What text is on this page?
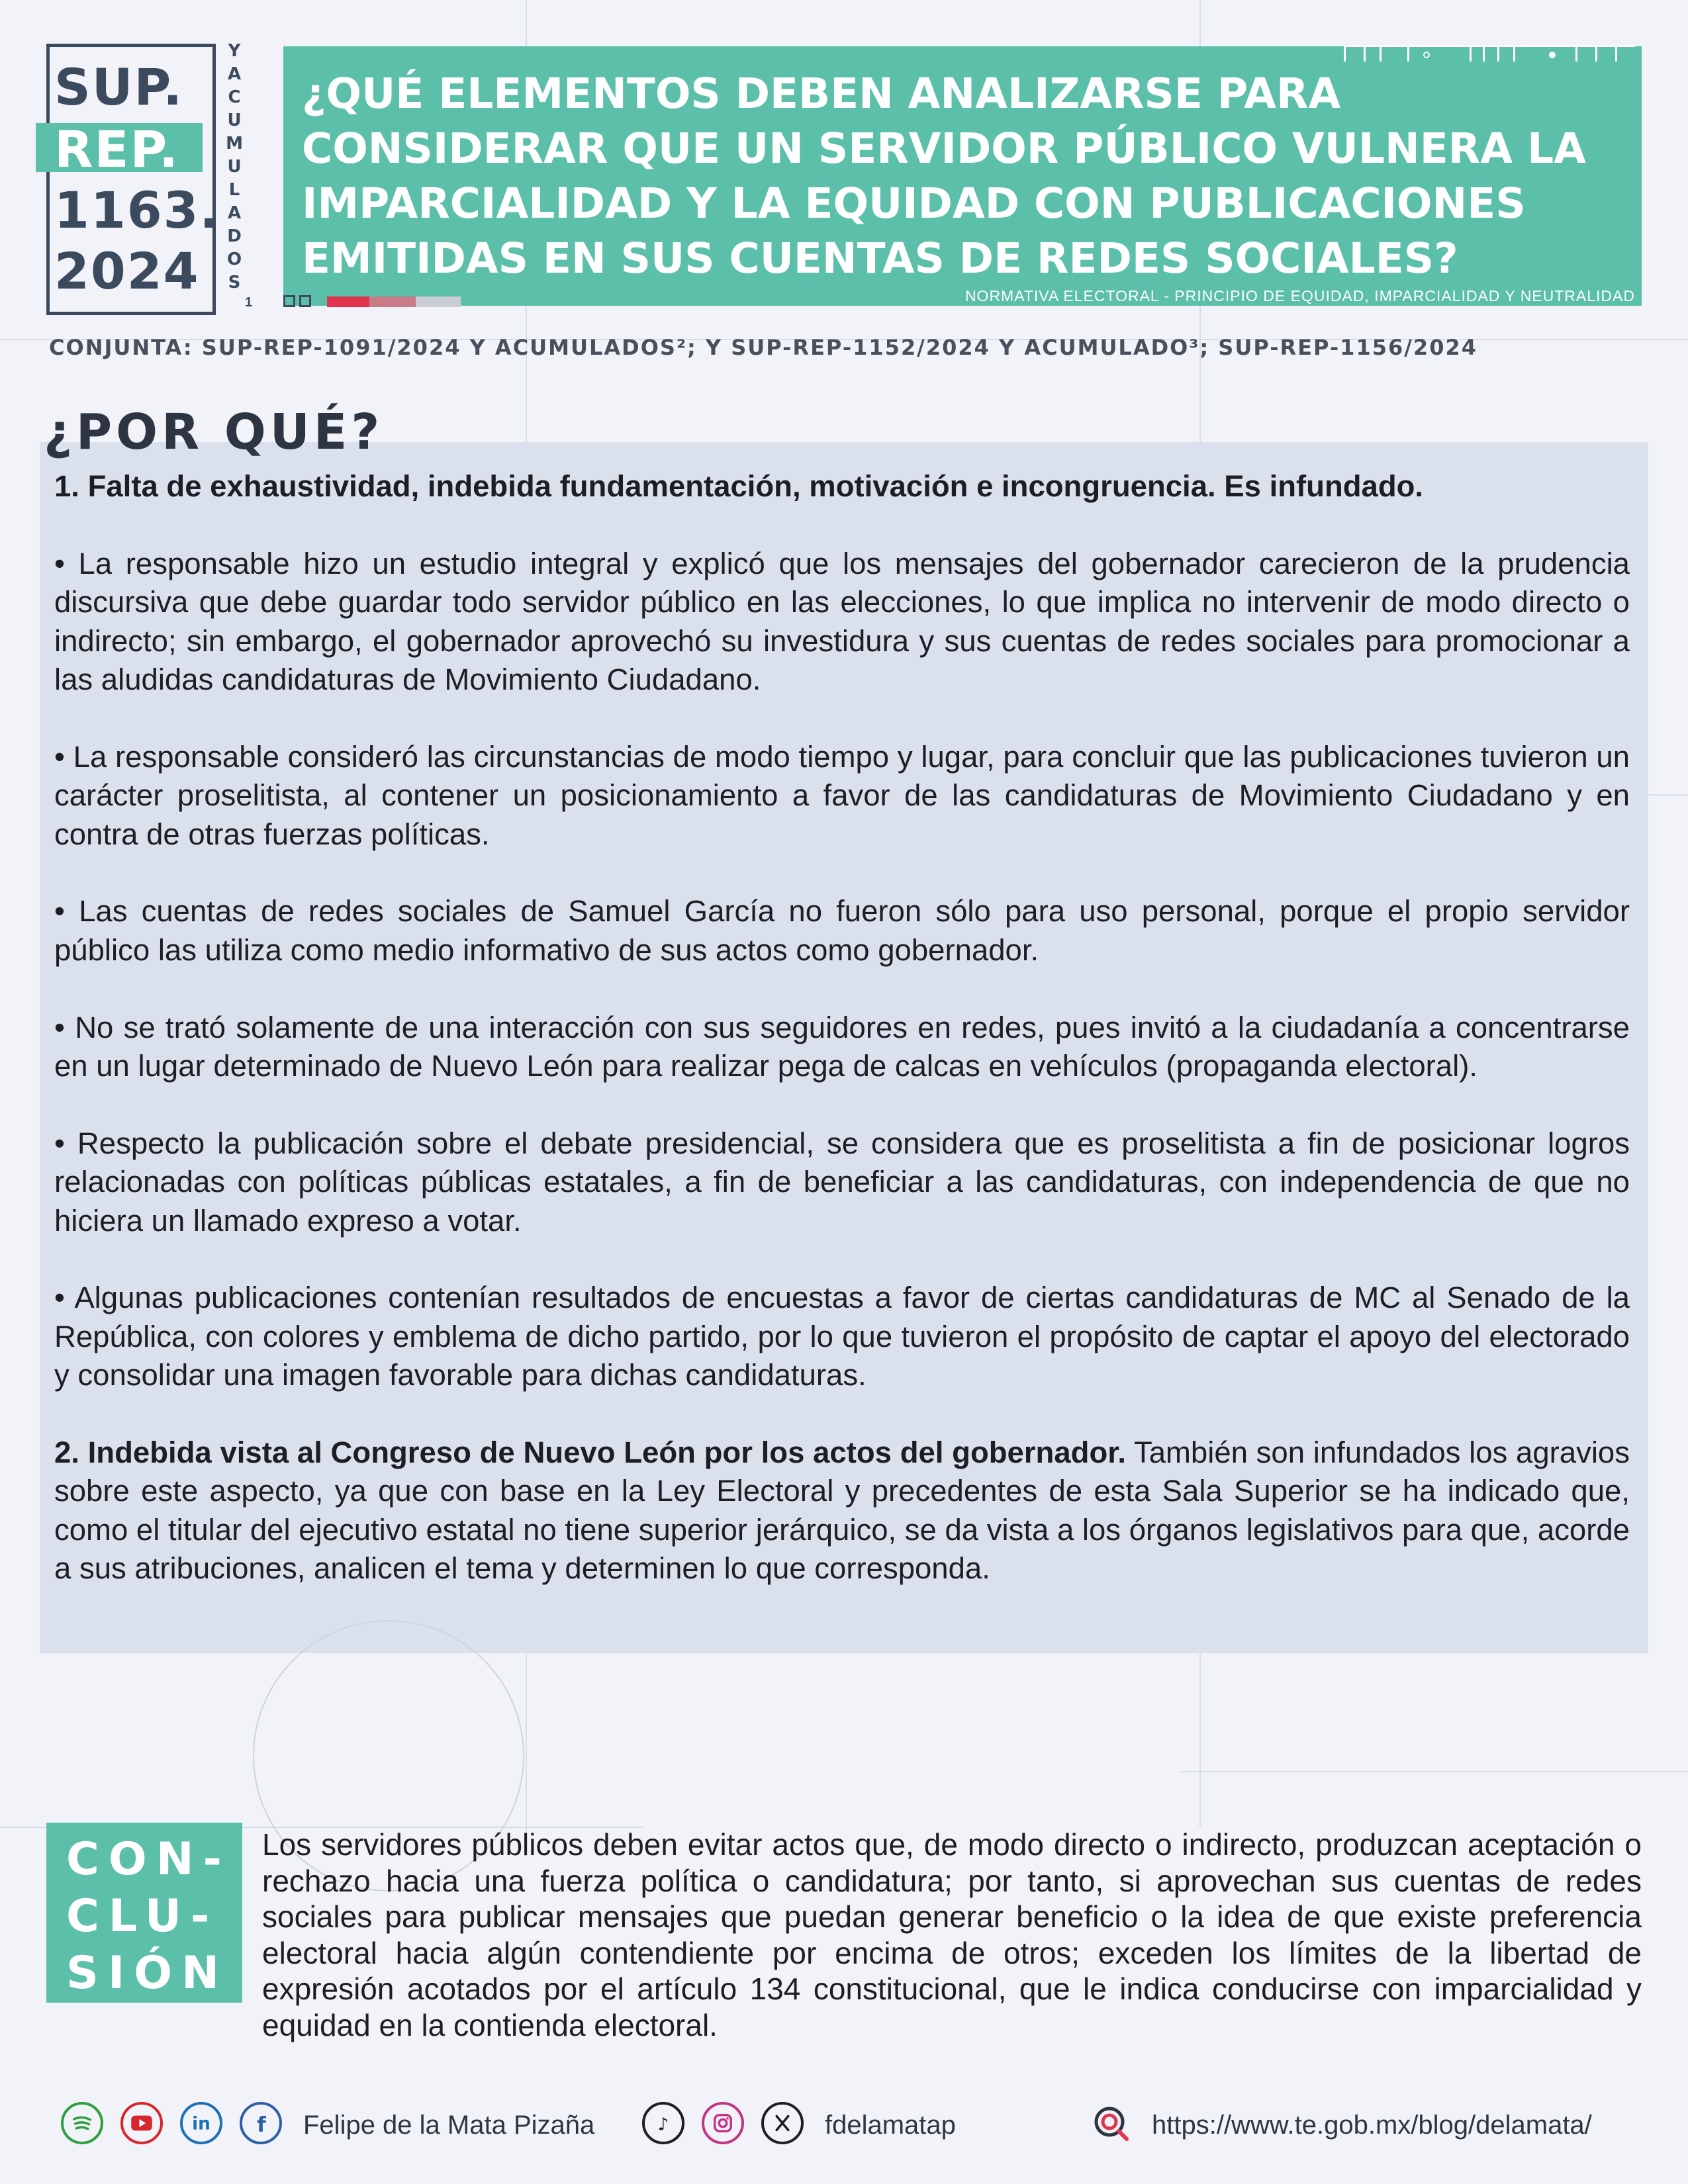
SUP.
REP.
1163.
2024
Y
A
C
U
M
U
L
A
D
O
S
1
¿QUÉ ELEMENTOS DEBEN ANALIZARSE PARA CONSIDERAR QUE UN SERVIDOR PÚBLICO VULNERA LA IMPARCIALIDAD Y LA EQUIDAD CON PUBLICACIONES EMITIDAS EN SUS CUENTAS DE REDES SOCIALES?
NORMATIVA ELECTORAL - PRINCIPIO DE EQUIDAD, IMPARCIALIDAD Y NEUTRALIDAD
CONJUNTA: SUP-REP-1091/2024 Y ACUMULADOS²; Y SUP-REP-1152/2024 Y ACUMULADO³; SUP-REP-1156/2024
¿POR QUÉ?

1. Falta de exhaustividad, indebida fundamentación, motivación e incongruencia. Es infundado.

• La responsable hizo un estudio integral y explicó que los mensajes del gobernador carecieron de la prudencia discursiva que debe guardar todo servidor público en las elecciones, lo que implica no intervenir de modo directo o indirecto; sin embargo, el gobernador aprovechó su investidura y sus cuentas de redes sociales para promocionar a las aludidas candidaturas de Movimiento Ciudadano.

• La responsable consideró las circunstancias de modo tiempo y lugar, para concluir que las publicaciones tuvieron un carácter proselitista, al contener un posicionamiento a favor de las candidaturas de Movimiento Ciudadano y en contra de otras fuerzas políticas.

• Las cuentas de redes sociales de Samuel García no fueron sólo para uso personal, porque el propio servidor público las utiliza como medio informativo de sus actos como gobernador.

• No se trató solamente de una interacción con sus seguidores en redes, pues invitó a la ciudadanía a concentrarse en un lugar determinado de Nuevo León para realizar pega de calcas en vehículos (propaganda electoral).

• Respecto la publicación sobre el debate presidencial, se considera que es proselitista a fin de posicionar logros relacionadas con políticas públicas estatales, a fin de beneficiar a las candidaturas, con independencia de que no hiciera un llamado expreso a votar.

• Algunas publicaciones contenían resultados de encuestas a favor de ciertas candidaturas de MC al Senado de la República, con colores y emblema de dicho partido, por lo que tuvieron el propósito de captar el apoyo del electorado y consolidar una imagen favorable para dichas candidaturas.

2. Indebida vista al Congreso de Nuevo León por los actos del gobernador. También son infundados los agravios sobre este aspecto, ya que con base en la Ley Electoral y precedentes de esta Sala Superior se ha indicado que, como el titular del ejecutivo estatal no tiene superior jerárquico, se da vista a los órganos legislativos para que, acorde a sus atribuciones, analicen el tema y determinen lo que corresponda.

CON-
CLU-
SIÓN

Los servidores públicos deben evitar actos que, de modo directo o indirecto, produzcan aceptación o rechazo hacia una fuerza política o candidatura; por tanto, si aprovechan sus cuentas de redes sociales para publicar mensajes que puedan generar beneficio o la idea de que existe preferencia electoral hacia algún contendiente por encima de otros; exceden los límites de la libertad de expresión acotados por el artículo 134 constitucional, que le indica conducirse con imparcialidad y equidad en la contienda electoral.

in f Felipe de la Mata Pizaña	♪	fdelamatap	https://www.te.gob.mx/blog/delamata/
